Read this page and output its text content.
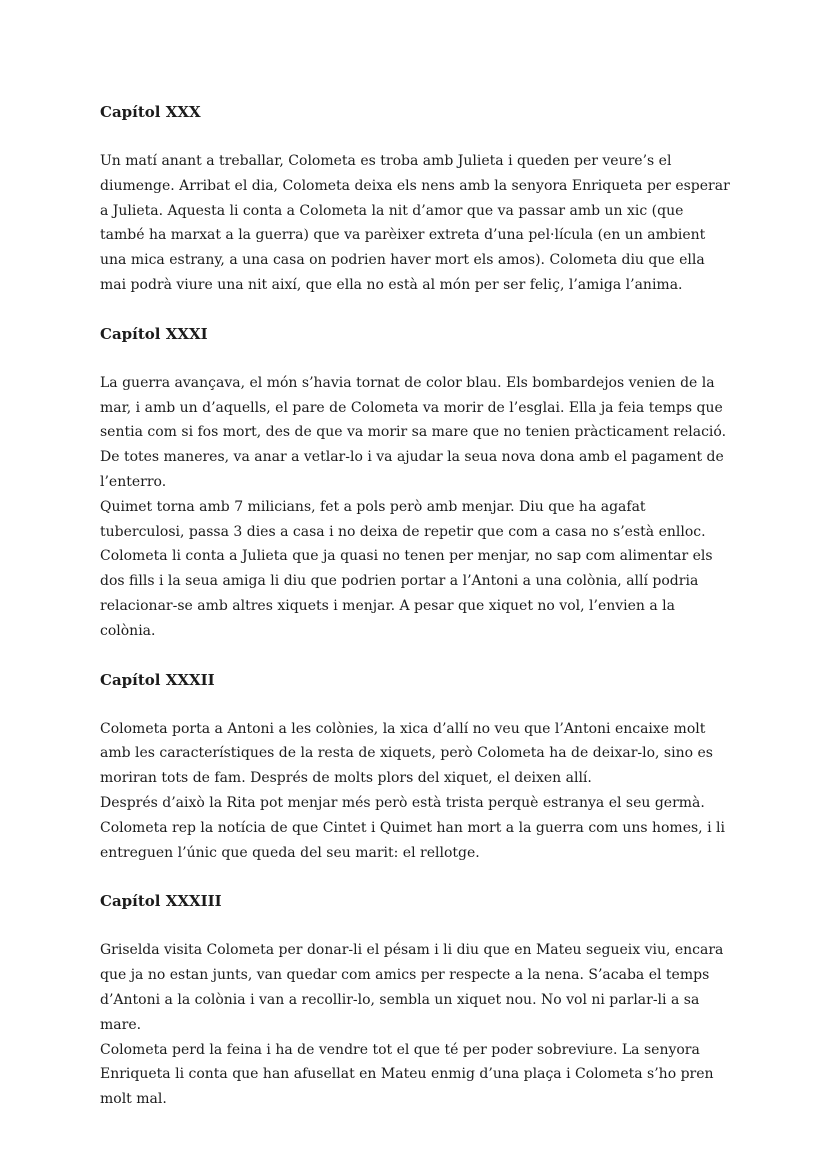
Capítol XXX

Un matí anant a treballar, Colometa es troba amb Julieta i queden per veure’s el diumenge. Arribat el dia, Colometa deixa els nens amb la senyora Enriqueta per esperar a Julieta. Aquesta li conta a Colometa la nit d’amor que va passar amb un xic (que també ha marxat a la guerra) que va parèixer extreta d’una pel·lícula (en un ambient una mica estrany, a una casa on podrien haver mort els amos). Colometa diu que ella mai podrà viure una nit així, que ella no està al món per ser feliç, l’amiga l’anima.

Capítol XXXI

La guerra avançava, el món s’havia tornat de color blau. Els bombardejos venien de la mar, i amb un d’aquells, el pare de Colometa va morir de l’esglai. Ella ja feia temps que sentia com si fos mort, des de que va morir sa mare que no tenien pràcticament relació. De totes maneres, va anar a vetlar-lo i va ajudar la seua nova dona amb el pagament de l’enterro.

Quimet torna amb 7 milicians, fet a pols però amb menjar. Diu que ha agafat tuberculosi, passa 3 dies a casa i no deixa de repetir que com a casa no s’està enlloc.

Colometa li conta a Julieta que ja quasi no tenen per menjar, no sap com alimentar els dos fills i la seua amiga li diu que podrien portar a l’Antoni a una colònia, allí podria relacionar-se amb altres xiquets i menjar. A pesar que xiquet no vol, l’envien a la colònia.

Capítol XXXII

Colometa porta a Antoni a les colònies, la xica d’allí no veu que l’Antoni encaixe molt amb les característiques de la resta de xiquets, però Colometa ha de deixar-lo, sino es moriran tots de fam. Després de molts plors del xiquet, el deixen allí.

Després d’això la Rita pot menjar més però està trista perquè estranya el seu germà.

Colometa rep la notícia de que Cintet i Quimet han mort a la guerra com uns homes, i li entreguen l’únic que queda del seu marit: el rellotge.

Capítol XXXIII

Griselda visita Colometa per donar-li el pésam i li diu que en Mateu segueix viu, encara que ja no estan junts, van quedar com amics per respecte a la nena. S’acaba el temps d’Antoni a la colònia i van a recollir-lo, sembla un xiquet nou. No vol ni parlar-li a sa mare.

Colometa perd la feina i ha de vendre tot el que té per poder sobreviure. La senyora Enriqueta li conta que han afusellat en Mateu enmig d’una plaça i Colometa s’ho pren molt mal.
